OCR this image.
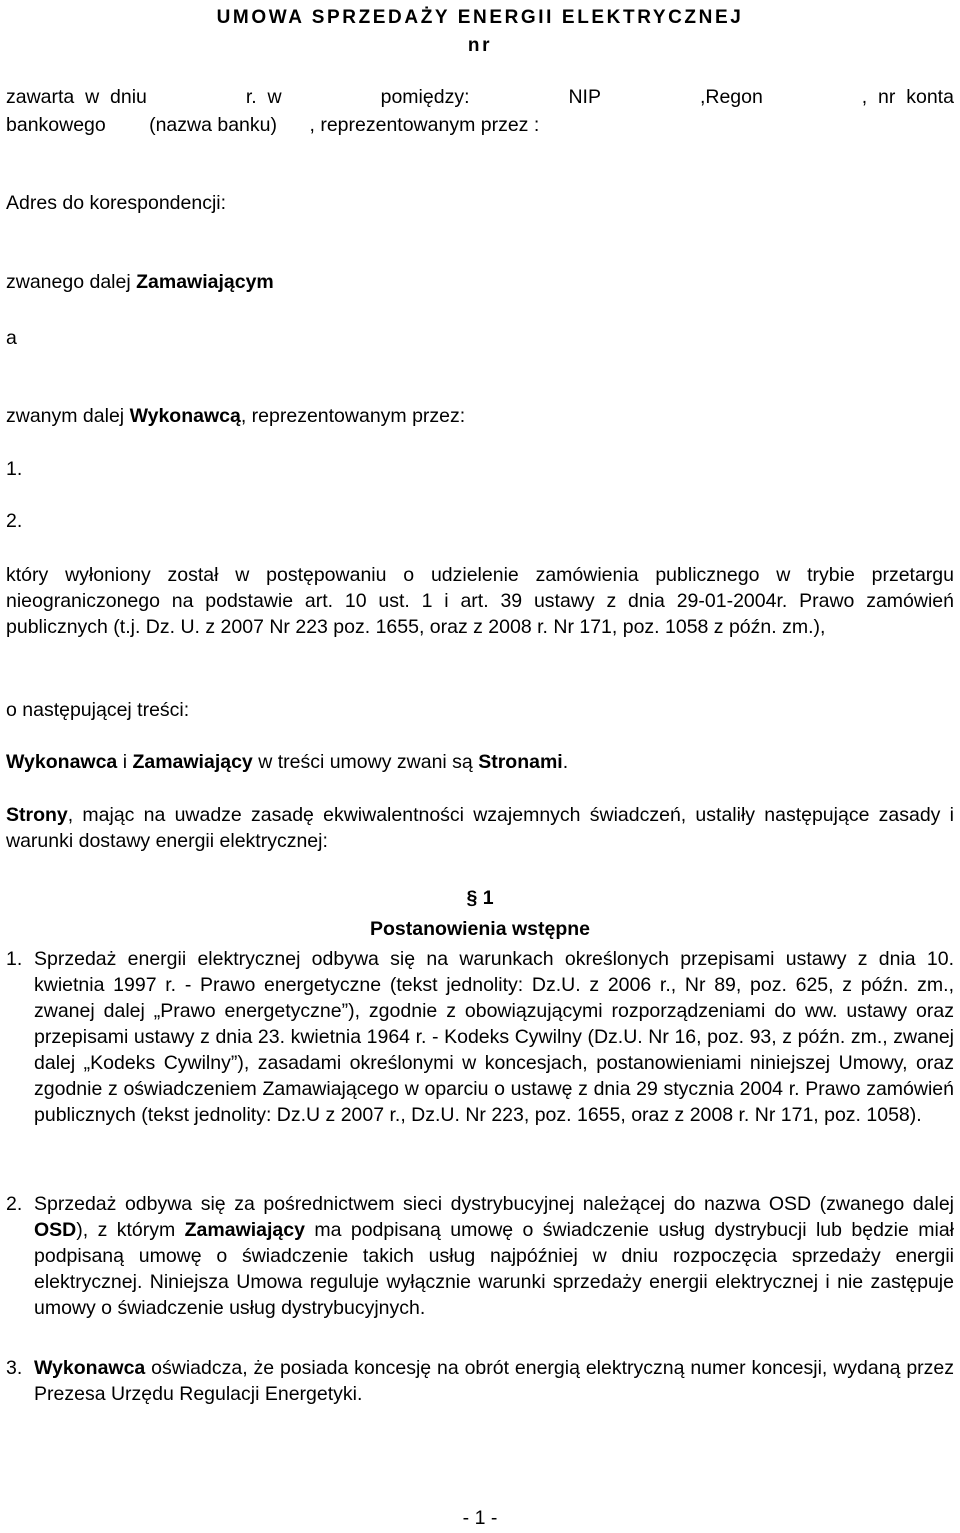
UMOWA SPRZEDAŻY ENERGII ELEKTRYCZNEJ
nr
zawarta  w  dniu	r.  w	pomiędzy:	NIP	,Regon	,  nr  konta
bankowego        (nazwa banku)      , reprezentowanym przez :
Adres do korespondencji:
zwanego dalej Zamawiającym
a
zwanym dalej Wykonawcą, reprezentowanym przez:
1.
2.
który wyłoniony został w postępowaniu o udzielenie zamówienia publicznego w trybie przetargu nieograniczonego na podstawie art. 10 ust. 1 i art. 39 ustawy z dnia 29-01-2004r. Prawo zamówień publicznych (t.j. Dz. U. z 2007 Nr 223 poz. 1655, oraz z 2008 r. Nr 171, poz. 1058 z późn. zm.),
o następującej treści:
Wykonawca i Zamawiający w treści umowy zwani są Stronami.
Strony, mając na uwadze zasadę ekwiwalentności wzajemnych świadczeń, ustaliły następujące zasady i warunki dostawy energii elektrycznej:
§ 1
Postanowienia wstępne
1. Sprzedaż energii elektrycznej odbywa się na warunkach określonych przepisami ustawy z dnia 10. kwietnia 1997 r. - Prawo energetyczne (tekst jednolity: Dz.U. z 2006 r., Nr 89, poz. 625, z późn. zm., zwanej dalej „Prawo energetyczne”), zgodnie z obowiązującymi rozporządzeniami do ww. ustawy oraz przepisami ustawy z dnia 23. kwietnia 1964 r. - Kodeks Cywilny (Dz.U. Nr 16, poz. 93, z późn. zm., zwanej dalej „Kodeks Cywilny”), zasadami określonymi w koncesjach, postanowieniami niniejszej Umowy, oraz zgodnie z oświadczeniem Zamawiającego w oparciu o ustawę z dnia 29 stycznia 2004 r. Prawo zamówień publicznych (tekst jednolity: Dz.U z 2007 r., Dz.U. Nr 223, poz. 1655, oraz z 2008 r. Nr 171, poz. 1058).
2. Sprzedaż odbywa się za pośrednictwem sieci dystrybucyjnej należącej do nazwa OSD (zwanego dalej OSD), z którym Zamawiający ma podpisaną umowę o świadczenie usług dystrybucji lub będzie miał podpisaną umowę o świadczenie takich usług najpóźniej w dniu rozpoczęcia sprzedaży energii elektrycznej. Niniejsza Umowa reguluje wyłącznie warunki sprzedaży energii elektrycznej i nie zastępuje umowy o świadczenie usług dystrybucyjnych.
3. Wykonawca oświadcza, że posiada koncesję na obrót energią elektryczną numer koncesji, wydaną przez Prezesa Urzędu Regulacji Energetyki.
- 1 -
